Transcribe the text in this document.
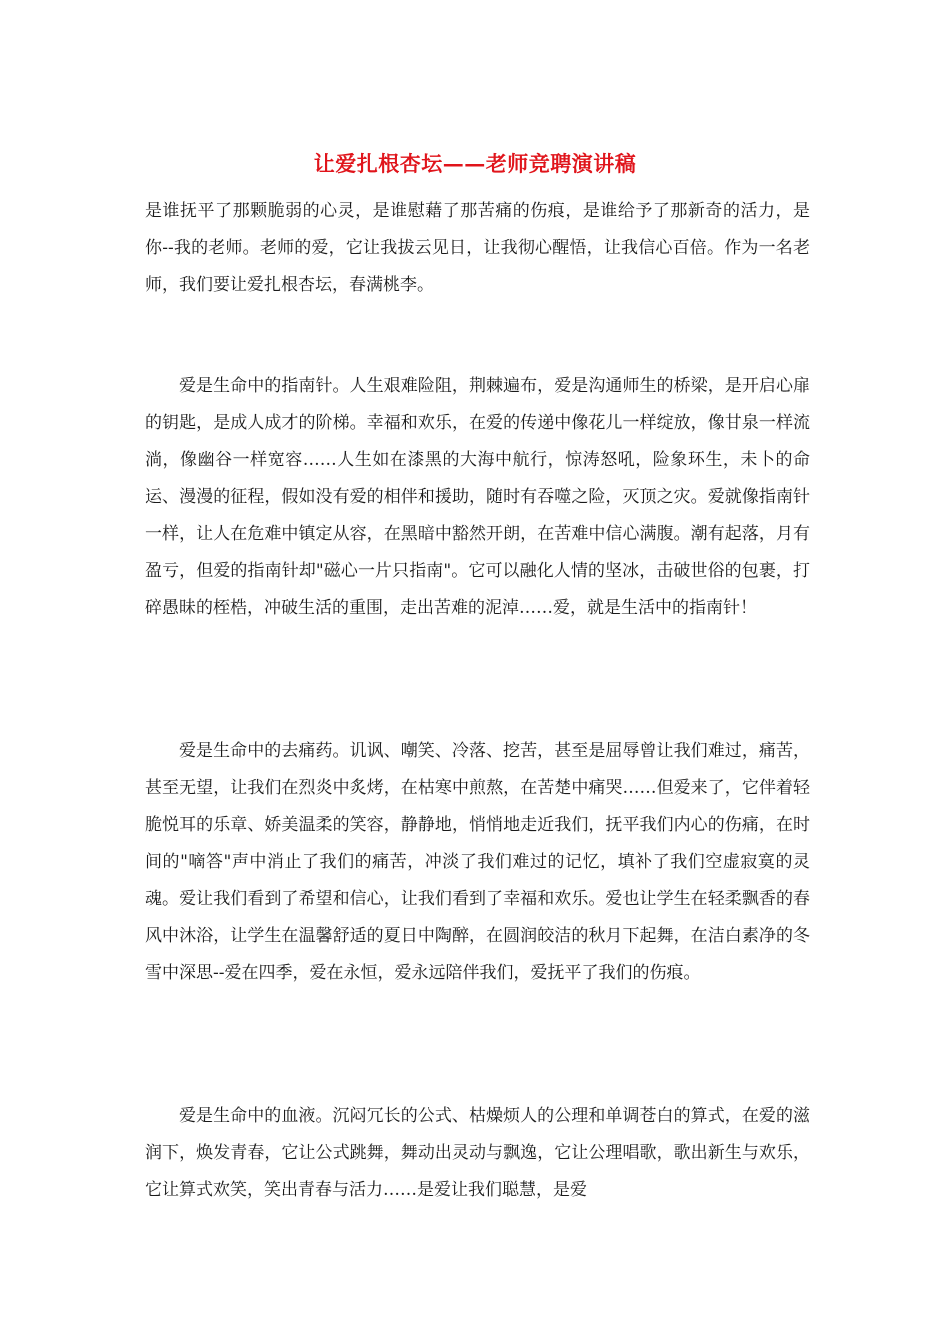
让爱扎根杏坛——老师竞聘演讲稿

是谁抚平了那颗脆弱的心灵，是谁慰藉了那苦痛的伤痕，是谁给予了那新奇的活力，是你--我的老师。老师的爱，它让我拔云见日，让我彻心醒悟，让我信心百倍。作为一名老师，我们要让爱扎根杏坛，春满桃李。

爱是生命中的指南针。人生艰难险阻，荆棘遍布，爱是沟通师生的桥梁，是开启心扉的钥匙，是成人成才的阶梯。幸福和欢乐，在爱的传递中像花儿一样绽放，像甘泉一样流淌，像幽谷一样宽容……人生如在漆黑的大海中航行，惊涛怒吼，险象环生，未卜的命运、漫漫的征程，假如没有爱的相伴和援助，随时有吞噬之险，灭顶之灾。爱就像指南针一样，让人在危难中镇定从容，在黑暗中豁然开朗，在苦难中信心满腹。潮有起落，月有盈亏，但爱的指南针却"磁心一片只指南"。它可以融化人情的坚冰，击破世俗的包裹，打碎愚昧的桎梏，冲破生活的重围，走出苦难的泥淖……爱，就是生活中的指南针！

爱是生命中的去痛药。讥讽、嘲笑、冷落、挖苦，甚至是屈辱曾让我们难过，痛苦，甚至无望，让我们在烈炎中炙烤，在枯寒中煎熬，在苦楚中痛哭……但爱来了，它伴着轻脆悦耳的乐章、娇美温柔的笑容，静静地，悄悄地走近我们，抚平我们内心的伤痛，在时间的"嘀答"声中消止了我们的痛苦，冲淡了我们难过的记忆，填补了我们空虚寂寞的灵魂。爱让我们看到了希望和信心，让我们看到了幸福和欢乐。爱也让学生在轻柔飘香的春风中沐浴，让学生在温馨舒适的夏日中陶醉，在圆润皎洁的秋月下起舞，在洁白素净的冬雪中深思--爱在四季，爱在永恒，爱永远陪伴我们，爱抚平了我们的伤痕。

爱是生命中的血液。沉闷冗长的公式、枯燥烦人的公理和单调苍白的算式，在爱的滋润下，焕发青春，它让公式跳舞，舞动出灵动与飘逸，它让公理唱歌，歌出新生与欢乐，它让算式欢笑，笑出青春与活力……是爱让我们聪慧，是爱
